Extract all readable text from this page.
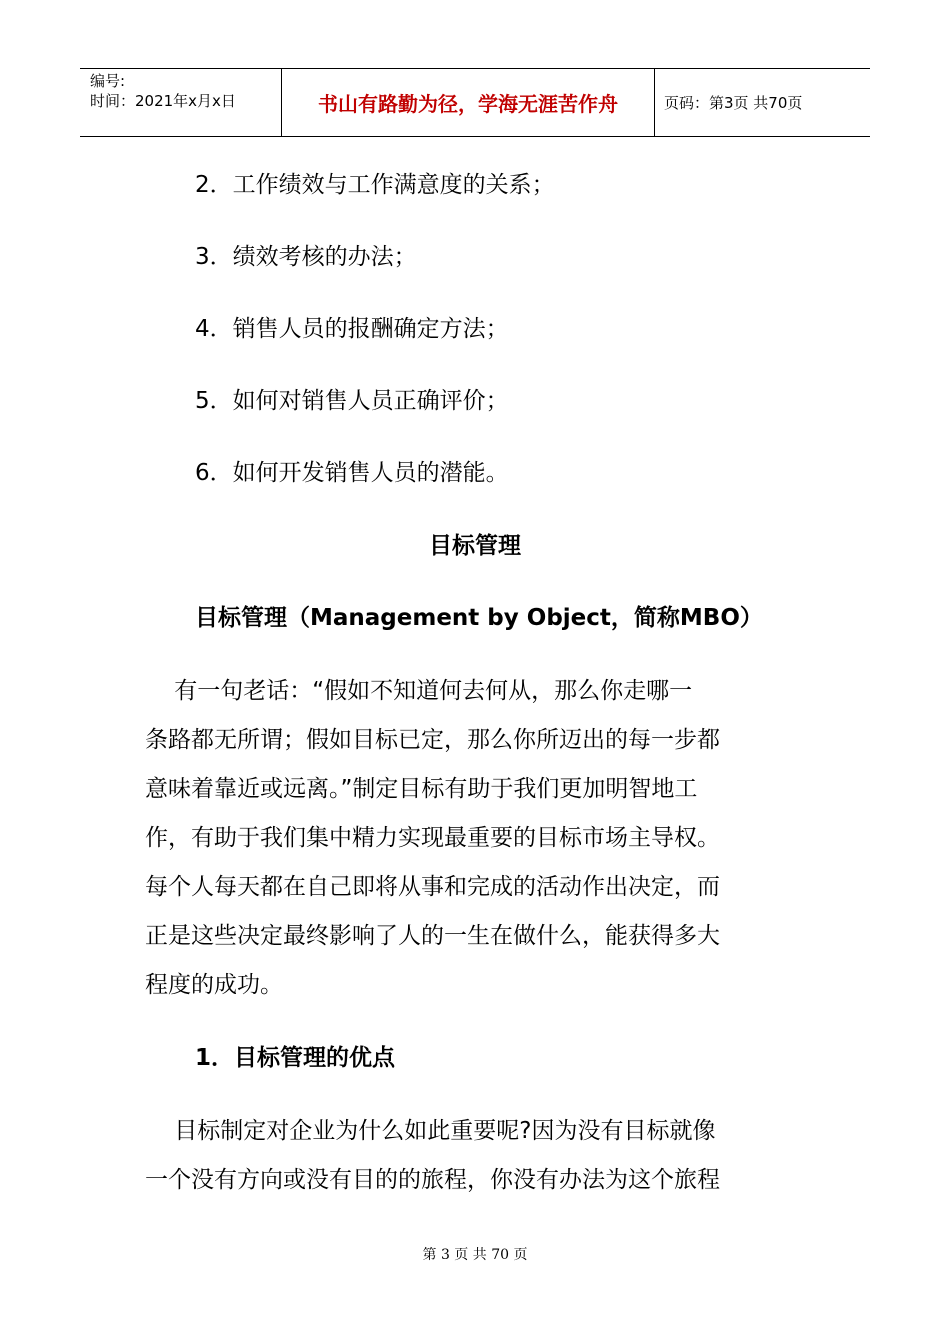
编号:
时间：2021年x月x日	书山有路勤为径，学海无涯苦作舟	页码：第3页 共70页
2．工作绩效与工作满意度的关系；
3．绩效考核的办法；
4．销售人员的报酬确定方法；
5．如何对销售人员正确评价；
6．如何开发销售人员的潜能。
目标管理
目标管理（Management by Object，简称MBO）
有一句老话：“假如不知道何去何从，那么你走哪一
条路都无所谓；假如目标已定，那么你所迈出的每一步都
意味着靠近或远离。”制定目标有助于我们更加明智地工
作，有助于我们集中精力实现最重要的目标市场主导权。
每个人每天都在自己即将从事和完成的活动作出决定，而
正是这些决定最终影响了人的一生在做什么，能获得多大
程度的成功。
1．目标管理的优点
目标制定对企业为什么如此重要呢?因为没有目标就像
一个没有方向或没有目的的旅程，你没有办法为这个旅程
第 3 页 共 70 页
